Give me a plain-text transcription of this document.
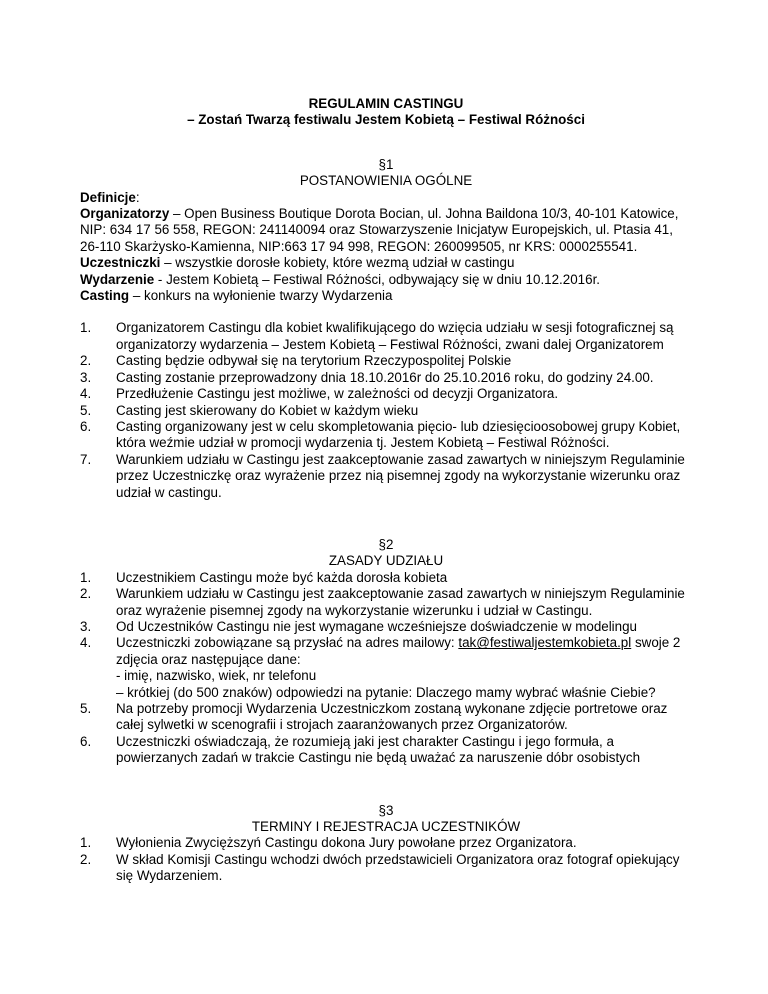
REGULAMIN CASTINGU
– Zostań Twarzą festiwalu Jestem Kobietą – Festiwal Różności
§1
POSTANOWIENIA OGÓLNE

Definicje:

Organizatorzy – Open Business Boutique Dorota Bocian, ul. Johna Baildona 10/3, 40-101 Katowice, NIP: 634 17 56 558, REGON: 241140094 oraz Stowarzyszenie Inicjatyw Europejskich, ul. Ptasia 41, 26-110 Skarżysko-Kamienna, NIP:663 17 94 998, REGON: 260099505, nr KRS: 0000255541.

Uczestniczki – wszystkie dorosłe kobiety, które wezmą udział w castingu

Wydarzenie - Jestem Kobietą – Festiwal Różności, odbywający się w dniu 10.12.2016r.

Casting – konkurs na wyłonienie twarzy Wydarzenia

1.	Organizatorem Castingu dla kobiet kwalifikującego do wzięcia udziału w sesji fotograficznej są organizatorzy wydarzenia – Jestem Kobietą – Festiwal Różności, zwani dalej Organizatorem
2.	Casting będzie odbywał się na terytorium Rzeczypospolitej Polskie
3.	Casting zostanie przeprowadzony dnia 18.10.2016r do 25.10.2016 roku, do godziny 24.00.
4.	Przedłużenie Castingu jest możliwe, w zależności od decyzji Organizatora.
5.	Casting jest skierowany do Kobiet w każdym wieku
6.	Casting organizowany jest w celu skompletowania pięcio- lub dziesięcioosobowej grupy Kobiet, która weźmie udział w promocji wydarzenia tj. Jestem Kobietą – Festiwal Różności.
7.	Warunkiem udziału w Castingu jest zaakceptowanie zasad zawartych w niniejszym Regulaminie przez Uczestniczkę oraz wyrażenie przez nią pisemnej zgody na wykorzystanie wizerunku oraz udział w castingu.
§2
ZASADY UDZIAŁU
1.	Uczestnikiem Castingu może być każda dorosła kobieta
2.	Warunkiem udziału w Castingu jest zaakceptowanie zasad zawartych w niniejszym Regulaminie oraz wyrażenie pisemnej zgody na wykorzystanie wizerunku i udział w Castingu.
3.	Od Uczestników Castingu nie jest wymagane wcześniejsze doświadczenie w modelingu
4.	Uczestniczki zobowiązane są przysłać na adres mailowy: tak@festiwaljestemkobieta.pl swoje 2 zdjęcia oraz następujące dane:
- imię, nazwisko, wiek, nr telefonu
– krótkiej (do 500 znaków) odpowiedzi na pytanie: Dlaczego mamy wybrać właśnie Ciebie?
5.	Na potrzeby promocji Wydarzenia Uczestniczkom zostaną wykonane zdjęcie portretowe oraz całej sylwetki w scenografii i strojach zaaranżowanych przez Organizatorów.
6.	Uczestniczki oświadczają, że rozumieją jaki jest charakter Castingu i jego formuła, a powierzanych zadań w trakcie Castingu nie będą uważać za naruszenie dóbr osobistych
§3
TERMINY I REJESTRACJA UCZESTNIKÓW
1.	Wyłonienia Zwycięższyń Castingu dokona Jury powołane przez Organizatora.
2.	W skład Komisji Castingu wchodzi dwóch przedstawicieli Organizatora oraz fotograf opiekujący się Wydarzeniem.
